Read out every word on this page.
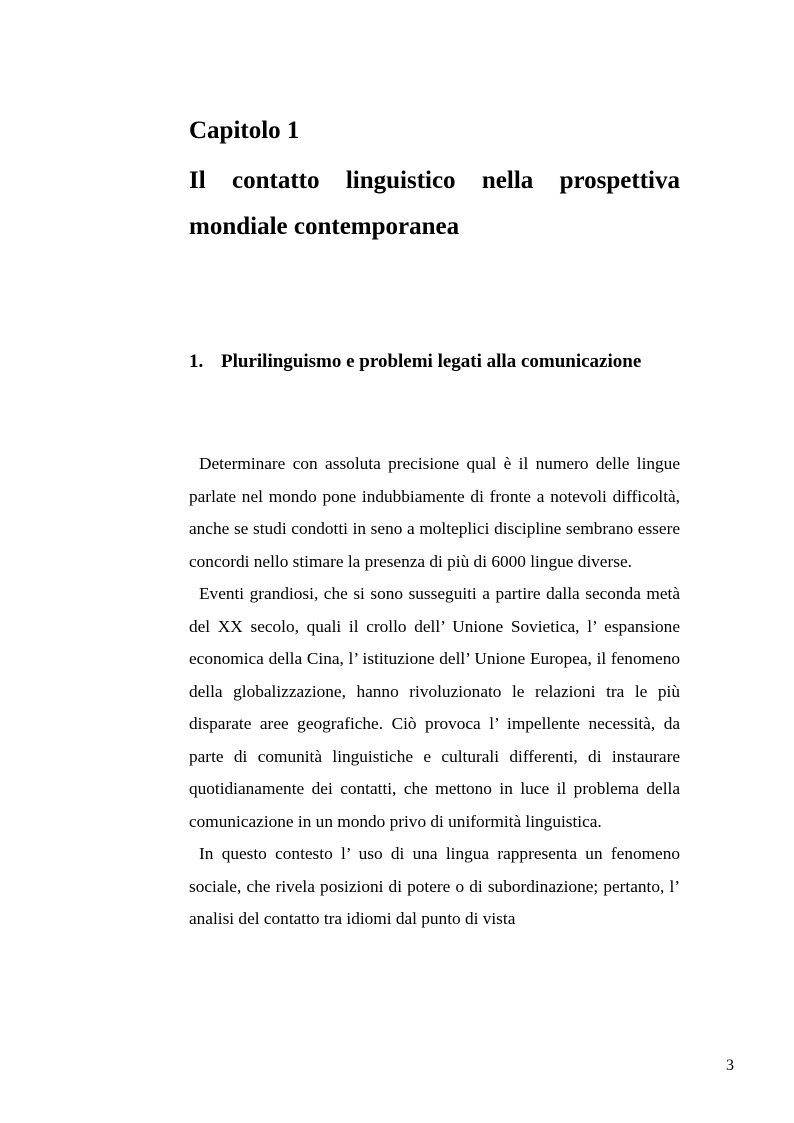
Capitolo 1
Il contatto linguistico nella prospettiva mondiale contemporanea
1. Plurilinguismo e problemi legati alla comunicazione

Determinare con assoluta precisione qual è il numero delle lingue parlate nel mondo pone indubbiamente di fronte a notevoli difficoltà, anche se studi condotti in seno a molteplici discipline sembrano essere concordi nello stimare la presenza di più di 6000 lingue diverse.

Eventi grandiosi, che si sono susseguiti a partire dalla seconda metà del XX secolo, quali il crollo dell’ Unione Sovietica, l’ espansione economica della Cina, l’ istituzione dell’ Unione Europea, il fenomeno della globalizzazione, hanno rivoluzionato le relazioni tra le più disparate aree geografiche. Ciò provoca l’ impellente necessità, da parte di comunità linguistiche e culturali differenti, di instaurare quotidianamente dei contatti, che mettono in luce il problema della comunicazione in un mondo privo di uniformità linguistica.

In questo contesto l’ uso di una lingua rappresenta un fenomeno sociale, che rivela posizioni di potere o di subordinazione; pertanto, l’ analisi del contatto tra idiomi dal punto di vista

3
